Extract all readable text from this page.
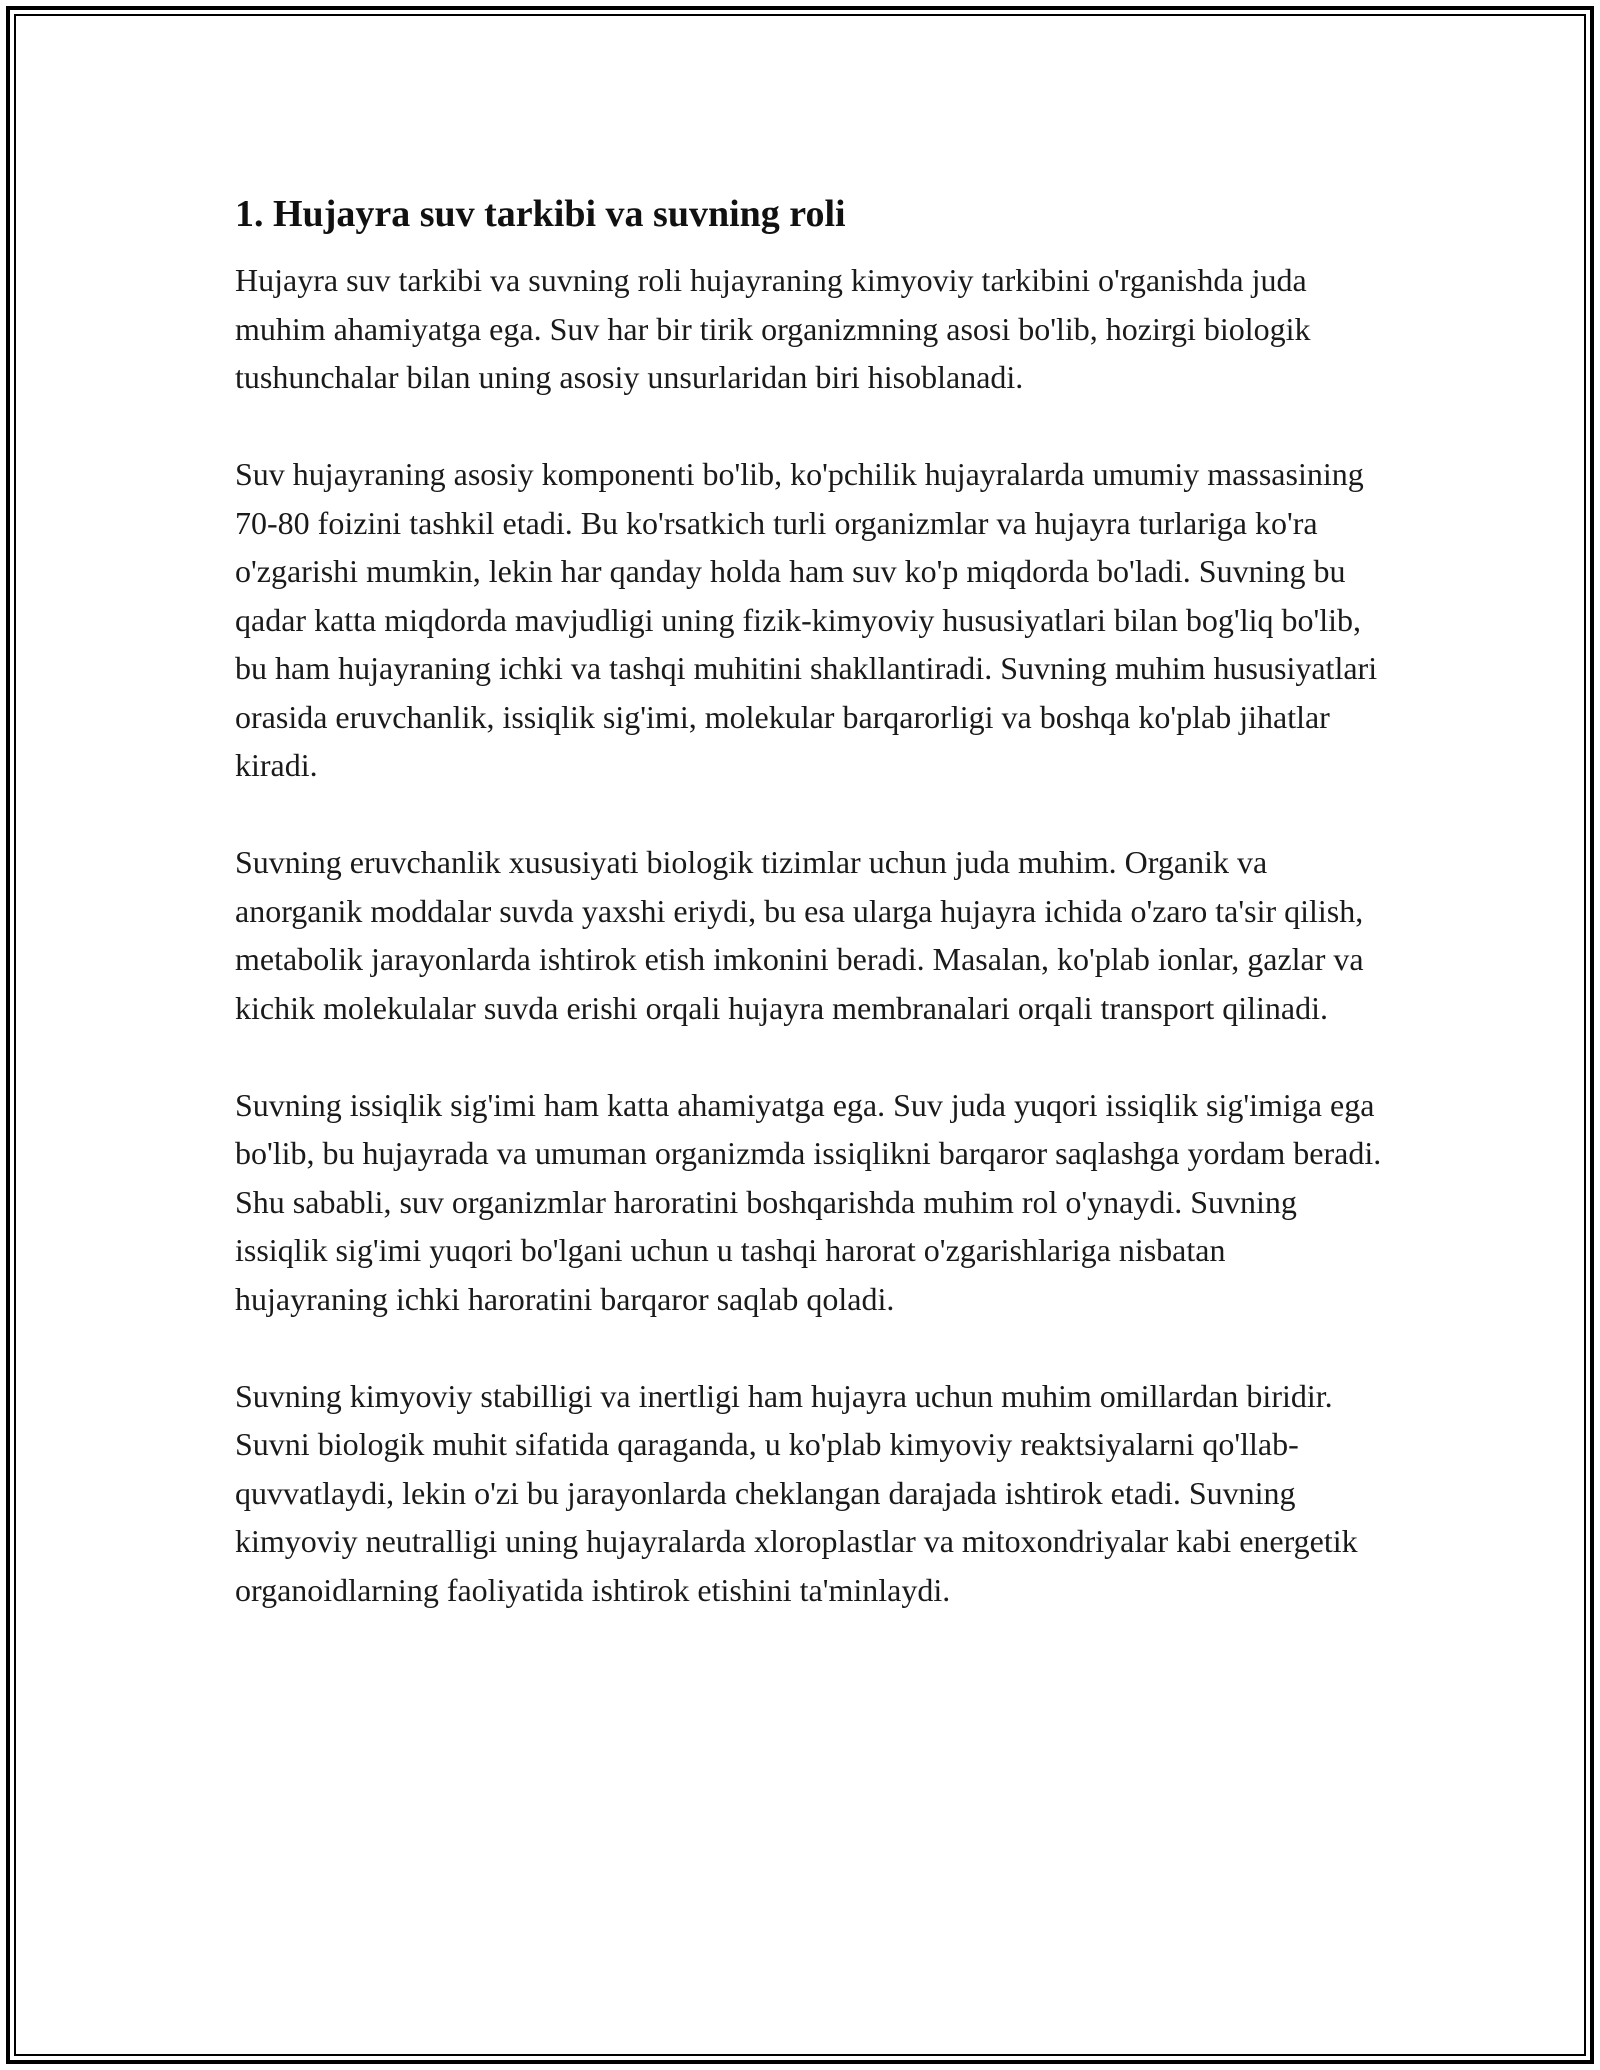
1. Hujayra suv tarkibi va suvning roli

Hujayra suv tarkibi va suvning roli hujayraning kimyoviy tarkibini o'rganishda juda muhim ahamiyatga ega. Suv har bir tirik organizmning asosi bo'lib, hozirgi biologik tushunchalar bilan uning asosiy unsurlaridan biri hisoblanadi.

Suv hujayraning asosiy komponenti bo'lib, ko'pchilik hujayralarda umumiy massasining 70-80 foizini tashkil etadi. Bu ko'rsatkich turli organizmlar va hujayra turlariga ko'ra o'zgarishi mumkin, lekin har qanday holda ham suv ko'p miqdorda bo'ladi. Suvning bu qadar katta miqdorda mavjudligi uning fizik-kimyoviy hususiyatlari bilan bog'liq bo'lib, bu ham hujayraning ichki va tashqi muhitini shakllantiradi. Suvning muhim hususiyatlari orasida eruvchanlik, issiqlik sig'imi, molekular barqarorligi va boshqa ko'plab jihatlar kiradi.

Suvning eruvchanlik xususiyati biologik tizimlar uchun juda muhim. Organik va anorganik moddalar suvda yaxshi eriydi, bu esa ularga hujayra ichida o'zaro ta'sir qilish, metabolik jarayonlarda ishtirok etish imkonini beradi. Masalan, ko'plab ionlar, gazlar va kichik molekulalar suvda erishi orqali hujayra membranalari orqali transport qilinadi.

Suvning issiqlik sig'imi ham katta ahamiyatga ega. Suv juda yuqori issiqlik sig'imiga ega bo'lib, bu hujayrada va umuman organizmda issiqlikni barqaror saqlashga yordam beradi. Shu sababli, suv organizmlar haroratini boshqarishda muhim rol o'ynaydi. Suvning issiqlik sig'imi yuqori bo'lgani uchun u tashqi harorat o'zgarishlariga nisbatan hujayraning ichki haroratini barqaror saqlab qoladi.

Suvning kimyoviy stabilligi va inertligi ham hujayra uchun muhim omillardan biridir. Suvni biologik muhit sifatida qaraganda, u ko'plab kimyoviy reaktsiyalarni qo'llab-quvvatlaydi, lekin o'zi bu jarayonlarda cheklangan darajada ishtirok etadi. Suvning kimyoviy neutralligi uning hujayralarda xloroplastlar va mitoxondriyalar kabi energetik organoidlarning faoliyatida ishtirok etishini ta'minlaydi.
